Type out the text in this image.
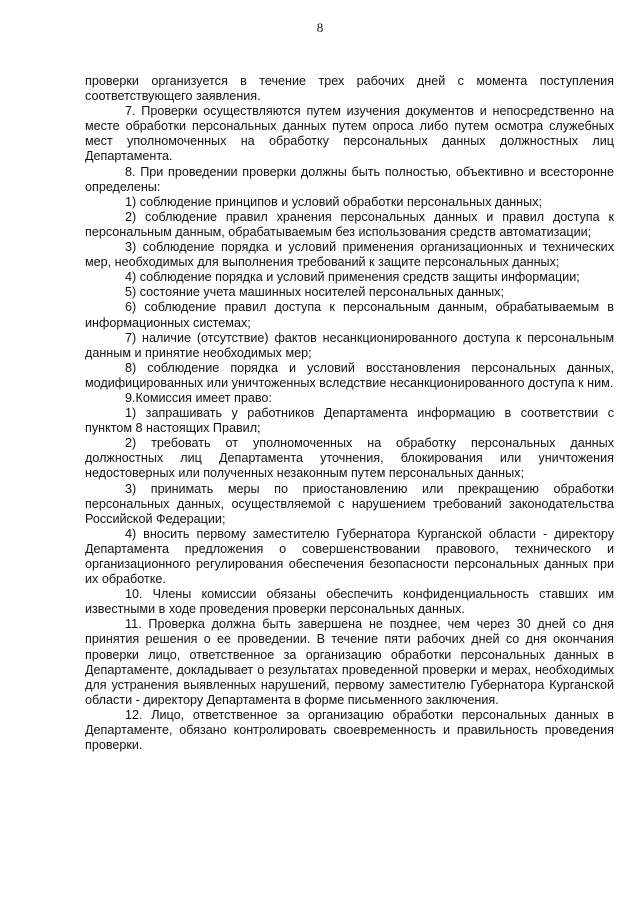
8

проверки организуется в течение трех рабочих дней с момента поступления соответствующего заявления.

7. Проверки осуществляются путем изучения документов и непосредственно на месте обработки персональных данных путем опроса либо путем осмотра служебных мест уполномоченных на обработку персональных данных должностных лиц Департамента.

8. При проведении проверки должны быть полностью, объективно и всесторонне определены:

1) соблюдение принципов и условий обработки персональных данных;

2) соблюдение правил хранения персональных данных и правил доступа к персональным данным, обрабатываемым без использования средств автоматизации;

3) соблюдение порядка и условий применения организационных и технических мер, необходимых для выполнения требований к защите персональных данных;

4) соблюдение порядка и условий применения средств защиты информации;

5) состояние учета машинных носителей персональных данных;

6) соблюдение правил доступа к персональным данным, обрабатываемым в информационных системах;

7) наличие (отсутствие) фактов несанкционированного доступа к персональным данным и принятие необходимых мер;

8) соблюдение порядка и условий восстановления персональных данных, модифицированных или уничтоженных вследствие несанкционированного доступа к ним.

9.Комиссия имеет право:

1) запрашивать у работников Департамента информацию в соответствии с пунктом 8 настоящих Правил;

2) требовать от уполномоченных на обработку персональных данных должностных лиц Департамента уточнения, блокирования или уничтожения недостоверных или полученных незаконным путем персональных данных;

3) принимать меры по приостановлению или прекращению обработки персональных данных, осуществляемой с нарушением требований законодательства Российской Федерации;

4) вносить первому заместителю Губернатора Курганской области - директору Департамента предложения о совершенствовании правового, технического и организационного регулирования обеспечения безопасности персональных данных при их обработке.

10. Члены комиссии обязаны обеспечить конфиденциальность ставших им известными в ходе проведения проверки персональных данных.

11. Проверка должна быть завершена не позднее, чем через 30 дней со дня принятия решения о ее проведении. В течение пяти рабочих дней со дня окончания проверки лицо, ответственное за организацию обработки персональных данных в Департаменте, докладывает о результатах проведенной проверки и мерах, необходимых для устранения выявленных нарушений, первому заместителю Губернатора Курганской области - директору Департамента в форме письменного заключения.

12. Лицо, ответственное за организацию обработки персональных данных в Департаменте, обязано контролировать своевременность и правильность проведения проверки.
